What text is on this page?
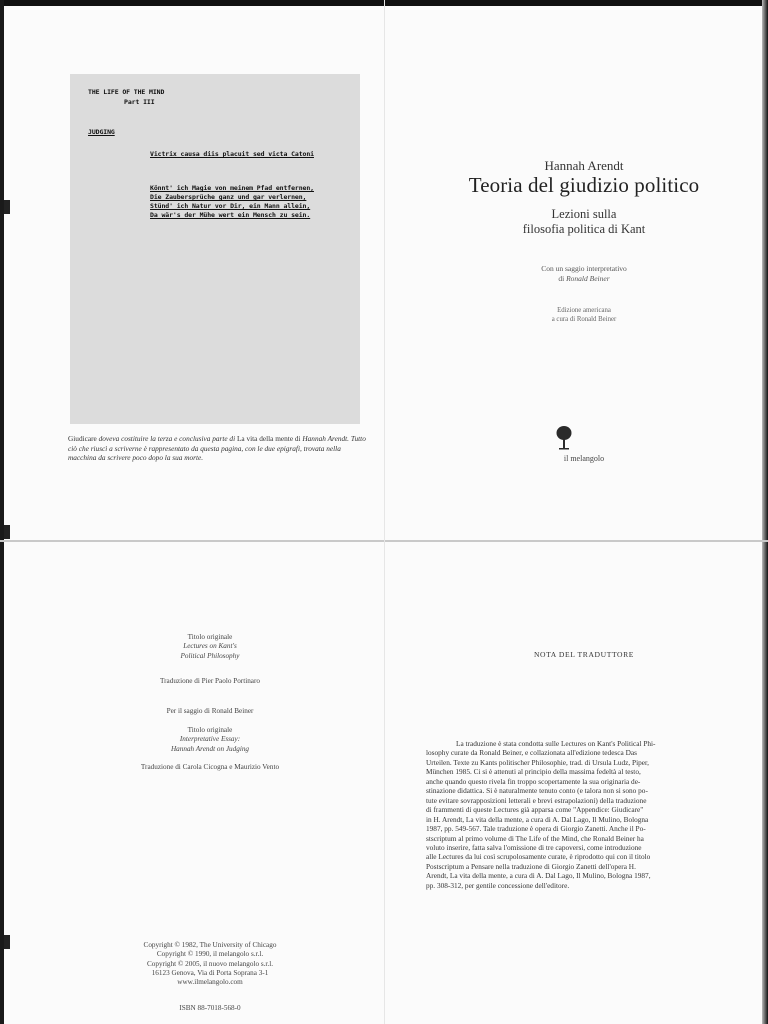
THE LIFE OF THE MIND
Part III
JUDGING
Victrix causa diis placuit sed victa Catoni
Könnt' ich Magie von meinem Pfad entfernen,
Die Zaubersprüche ganz und gar verlernen,
Stünd' ich Natur vor Dir, ein Mann allein,
Da wär's der Mühe wert ein Mensch zu sein.
Giudicare doveva costituire la terza e conclusiva parte di La vita della mente di Hannah Arendt. Tutto ciò che riuscì a scriverne è rappresentato da questa pagina, con le due epigrafi, trovata nella macchina da scrivere poco dopo la sua morte.
Hannah Arendt
Teoria del giudizio politico
Lezioni sulla
filosofia politica di Kant
Con un saggio interpretativo
di Ronald Beiner
Edizione americana
a cura di Ronald Beiner
il melangolo
Titolo originale
Lectures on Kant's
Political Philosophy
Traduzione di Pier Paolo Portinaro
Per il saggio di Ronald Beiner
Titolo originale
Interpretative Essay:
Hannah Arendt on Judging
Traduzione di Carola Cicogna e Maurizio Vento
Copyright © 1982, The University of Chicago
Copyright © 1990, il melangolo s.r.l.
Copyright © 2005, il nuovo melangolo s.r.l.
16123 Genova, Via di Porta Soprana 3-1
www.ilmelangolo.com
ISBN 88-7018-568-0
NOTA DEL TRADUTTORE
La traduzione è stata condotta sulle Lectures on Kant's Political Phi-
losophy curate da Ronald Beiner, e collazionata all'edizione tedesca Das
Urteilen. Texte zu Kants politischer Philosophie, trad. di Ursula Ludz, Piper,
München 1985. Ci si è attenuti al principio della massima fedeltà al testo,
anche quando questo rivela fin troppo scopertamente la sua originaria de-
stinazione didattica. Si è naturalmente tenuto conto (e talora non si sono po-
tute evitare sovrapposizioni letterali e brevi estrapolazioni) della traduzione
di frammenti di queste Lectures già apparsa come "Appendice: Giudicare"
in H. Arendt, La vita della mente, a cura di A. Dal Lago, Il Mulino, Bologna
1987, pp. 549-567. Tale traduzione è opera di Giorgio Zanetti. Anche il Po-
stscriptum al primo volume di The Life of the Mind, che Ronald Beiner ha
voluto inserire, fatta salva l'omissione di tre capoversi, come introduzione
alle Lectures da lui così scrupolosamente curate, è riprodotto qui con il titolo
Postscriptum a Pensare nella traduzione di Giorgio Zanetti dell'opera H.
Arendt, La vita della mente, a cura di A. Dal Lago, Il Mulino, Bologna 1987,
pp. 308-312, per gentile concessione dell'editore.
